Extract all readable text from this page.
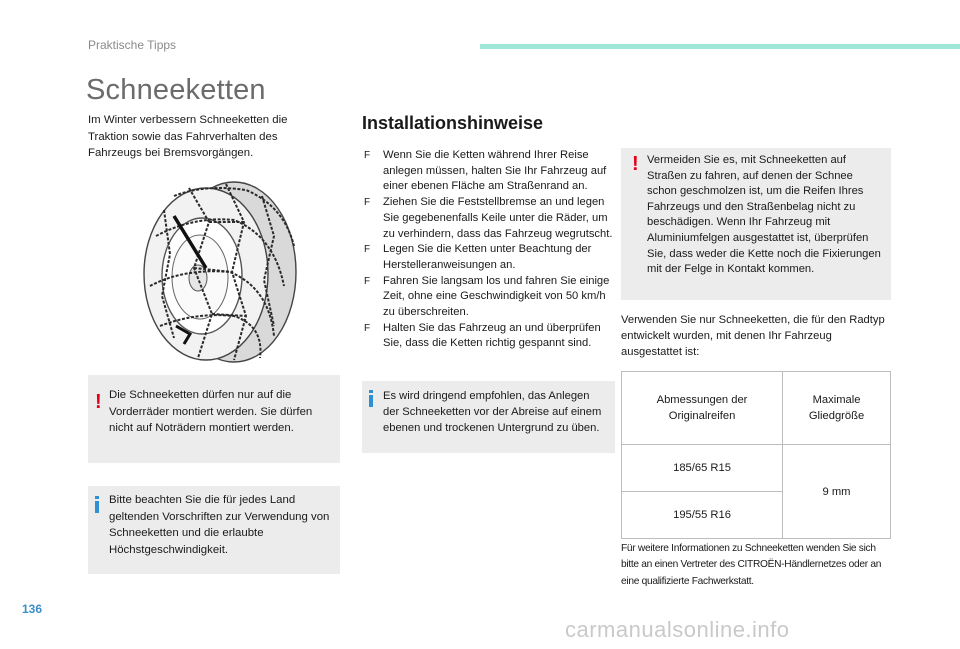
Praktische Tipps
Schneeketten
Im Winter verbessern Schneeketten die Traktion sowie das Fahrverhalten des Fahrzeugs bei Bremsvorgängen.
! Die Schneeketten dürfen nur auf die Vorderräder montiert werden. Sie dürfen nicht auf Noträdern montiert werden.
Bitte beachten Sie die für jedes Land geltenden Vorschriften zur Verwendung von Schneeketten und die erlaubte Höchstgeschwindigkeit.
Installationshinweise
F Wenn Sie die Ketten während Ihrer Reise anlegen müssen, halten Sie Ihr Fahrzeug auf einer ebenen Fläche am Straßenrand an.
F Ziehen Sie die Feststellbremse an und legen Sie gegebenenfalls Keile unter die Räder, um zu verhindern, dass das Fahrzeug wegrutscht.
F Legen Sie die Ketten unter Beachtung der Herstelleranweisungen an.
F Fahren Sie langsam los und fahren Sie einige Zeit, ohne eine Geschwindigkeit von 50 km/h zu überschreiten.
F Halten Sie das Fahrzeug an und überprüfen Sie, dass die Ketten richtig gespannt sind.
Es wird dringend empfohlen, das Anlegen der Schneeketten vor der Abreise auf einem ebenen und trockenen Untergrund zu üben.
! Vermeiden Sie es, mit Schneeketten auf Straßen zu fahren, auf denen der Schnee schon geschmolzen ist, um die Reifen Ihres Fahrzeugs und den Straßenbelag nicht zu beschädigen. Wenn Ihr Fahrzeug mit Aluminiumfelgen ausgestattet ist, überprüfen Sie, dass weder die Kette noch die Fixierungen mit der Felge in Kontakt kommen.
Verwenden Sie nur Schneeketten, die für den Radtyp entwickelt wurden, mit denen Ihr Fahrzeug ausgestattet ist:
Abmessungen der Originalreifen	Maximale Gliedgröße
185/65 R15	9 mm
195/55 R16	
Für weitere Informationen zu Schneeketten wenden Sie sich bitte an einen Vertreter des CITROËN-Händlernetzes oder an eine qualifizierte Fachwerkstatt.
136
carmanualsonline.info
